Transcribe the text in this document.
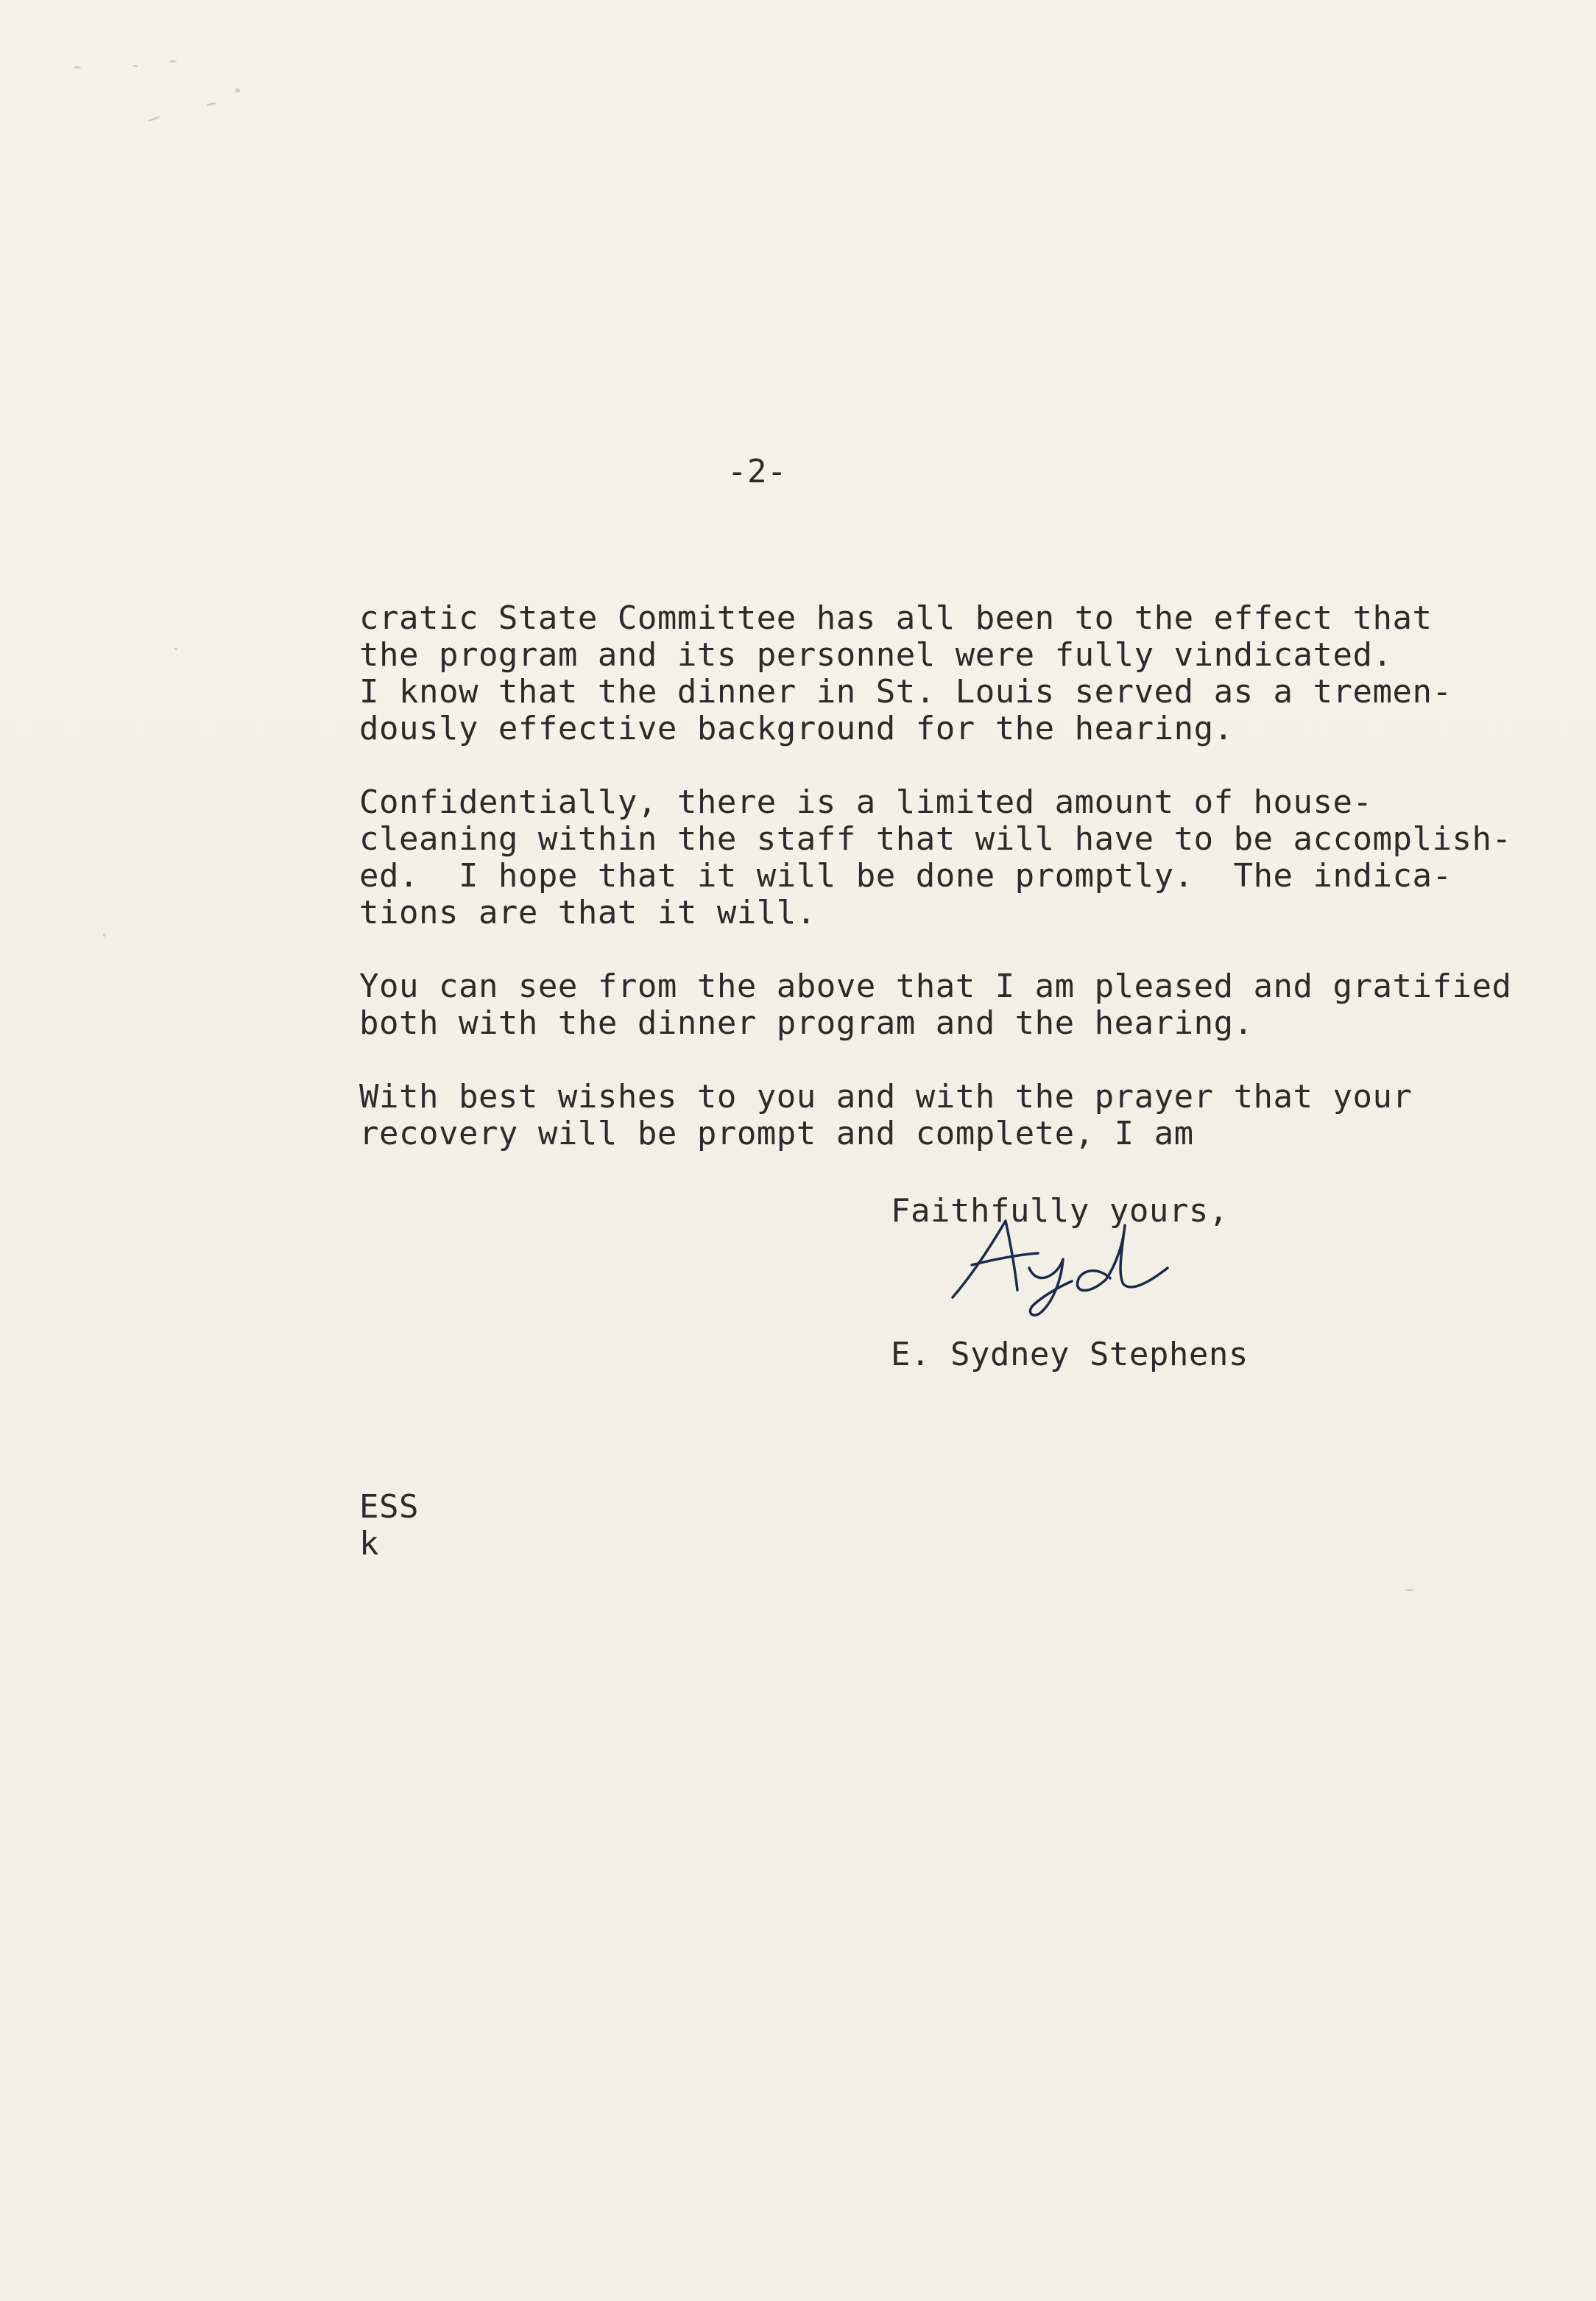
-2-
cratic State Committee has all been to the effect that
the program and its personnel were fully vindicated.
I know that the dinner in St. Louis served as a tremen-
dously effective background for the hearing.
Confidentially, there is a limited amount of house-
cleaning within the staff that will have to be accomplish-
ed.  I hope that it will be done promptly.  The indica-
tions are that it will.
You can see from the above that I am pleased and gratified
both with the dinner program and the hearing.
With best wishes to you and with the prayer that your
recovery will be prompt and complete, I am
Faithfully yours,
E. Sydney Stephens
ESS
k
